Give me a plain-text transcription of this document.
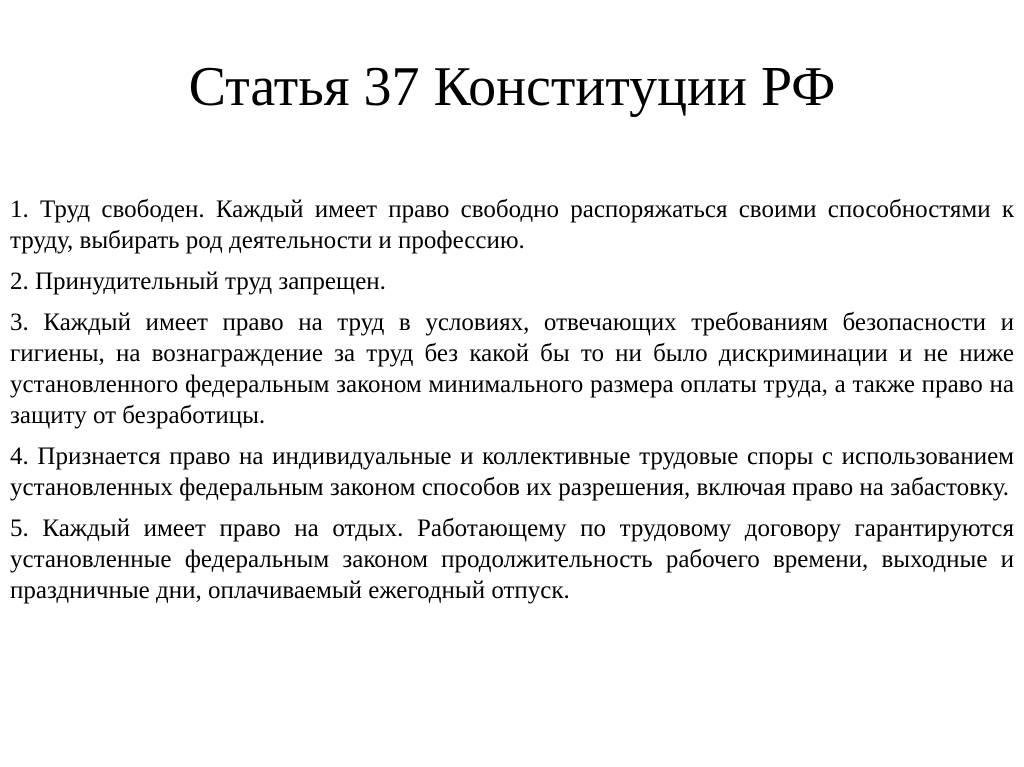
Статья 37 Конституции РФ

1. Труд свободен. Каждый имеет право свободно распоряжаться своими способностями к труду, выбирать род деятельности и профессию.

2. Принудительный труд запрещен.

3. Каждый имеет право на труд в условиях, отвечающих требованиям безопасности и гигиены, на вознаграждение за труд без какой бы то ни было дискриминации и не ниже установленного федеральным законом минимального размера оплаты труда, а также право на защиту от безработицы.

4. Признается право на индивидуальные и коллективные трудовые споры с использованием установленных федеральным законом способов их разрешения, включая право на забастовку.

5. Каждый имеет право на отдых. Работающему по трудовому договору гарантируются установленные федеральным законом продолжительность рабочего времени, выходные и праздничные дни, оплачиваемый ежегодный отпуск.
